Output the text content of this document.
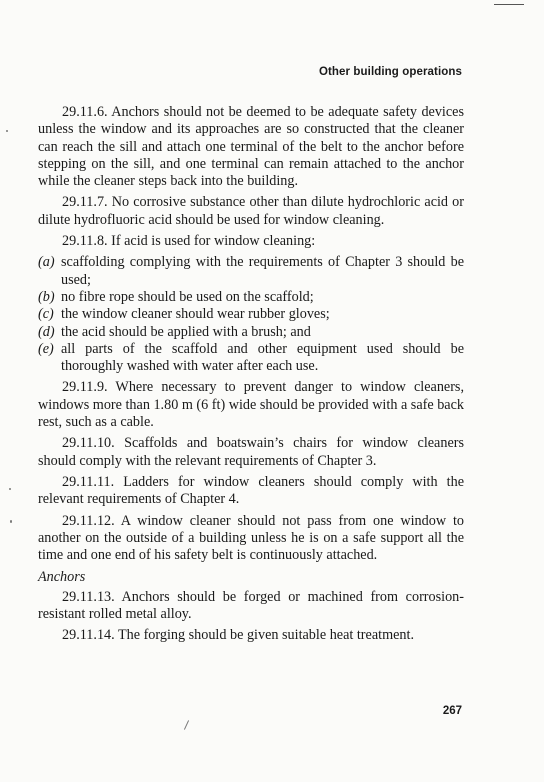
Other building operations

29.11.6. Anchors should not be deemed to be adequate safety devices unless the window and its approaches are so constructed that the cleaner can reach the sill and attach one terminal of the belt to the anchor before stepping on the sill, and one terminal can remain attached to the anchor while the cleaner steps back into the building.

29.11.7. No corrosive substance other than dilute hydrochloric acid or dilute hydrofluoric acid should be used for window cleaning.

29.11.8. If acid is used for window cleaning:

(a) scaffolding complying with the requirements of Chapter 3 should be used;

(b) no fibre rope should be used on the scaffold;

(c) the window cleaner should wear rubber gloves;

(d) the acid should be applied with a brush; and

(e) all parts of the scaffold and other equipment used should be thoroughly washed with water after each use.

29.11.9. Where necessary to prevent danger to window cleaners, windows more than 1.80 m (6 ft) wide should be provided with a safe back rest, such as a cable.

29.11.10. Scaffolds and boatswain’s chairs for window cleaners should comply with the relevant requirements of Chapter 3.

29.11.11. Ladders for window cleaners should comply with the relevant requirements of Chapter 4.

29.11.12. A window cleaner should not pass from one window to another on the outside of a building unless he is on a safe support all the time and one end of his safety belt is continuously attached.

Anchors

29.11.13. Anchors should be forged or machined from corrosion-resistant rolled metal alloy.

29.11.14. The forging should be given suitable heat treatment.

267
